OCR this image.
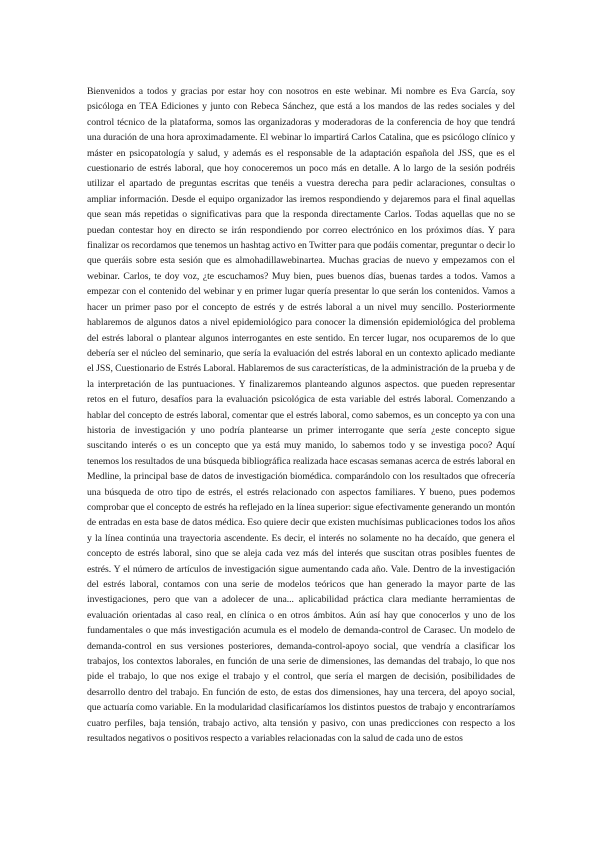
Bienvenidos a todos y gracias por estar hoy con nosotros en este webinar. Mi nombre es Eva García, soy psicóloga en TEA Ediciones y junto con Rebeca Sánchez, que está a los mandos de las redes sociales y del control técnico de la plataforma, somos las organizadoras y moderadoras de la conferencia de hoy que tendrá una duración de una hora aproximadamente. El webinar lo impartirá Carlos Catalina, que es psicólogo clínico y máster en psicopatología y salud, y además es el responsable de la adaptación española del JSS, que es el cuestionario de estrés laboral, que hoy conoceremos un poco más en detalle. A lo largo de la sesión podréis utilizar el apartado de preguntas escritas que tenéis a vuestra derecha para pedir aclaraciones, consultas o ampliar información. Desde el equipo organizador las iremos respondiendo y dejaremos para el final aquellas que sean más repetidas o significativas para que la responda directamente Carlos. Todas aquellas que no se puedan contestar hoy en directo se irán respondiendo por correo electrónico en los próximos días. Y para finalizar os recordamos que tenemos un hashtag activo en Twitter para que podáis comentar, preguntar o decir lo que queráis sobre esta sesión que es almohadillawebinartea. Muchas gracias de nuevo y empezamos con el webinar. Carlos, te doy voz, ¿te escuchamos? Muy bien, pues buenos días, buenas tardes a todos. Vamos a empezar con el contenido del webinar y en primer lugar quería presentar lo que serán los contenidos. Vamos a hacer un primer paso por el concepto de estrés y de estrés laboral a un nivel muy sencillo. Posteriormente hablaremos de algunos datos a nivel epidemiológico para conocer la dimensión epidemiológica del problema del estrés laboral o plantear algunos interrogantes en este sentido. En tercer lugar, nos ocuparemos de lo que debería ser el núcleo del seminario, que sería la evaluación del estrés laboral en un contexto aplicado mediante el JSS, Cuestionario de Estrés Laboral. Hablaremos de sus características, de la administración de la prueba y de la interpretación de las puntuaciones. Y finalizaremos planteando algunos aspectos. que pueden representar retos en el futuro, desafíos para la evaluación psicológica de esta variable del estrés laboral. Comenzando a hablar del concepto de estrés laboral, comentar que el estrés laboral, como sabemos, es un concepto ya con una historia de investigación y uno podría plantearse un primer interrogante que sería ¿este concepto sigue suscitando interés o es un concepto que ya está muy manido, lo sabemos todo y se investiga poco? Aquí tenemos los resultados de una búsqueda bibliográfica realizada hace escasas semanas acerca de estrés laboral en Medline, la principal base de datos de investigación biomédica. comparándolo con los resultados que ofrecería una búsqueda de otro tipo de estrés, el estrés relacionado con aspectos familiares. Y bueno, pues podemos comprobar que el concepto de estrés ha reflejado en la línea superior: sigue efectivamente generando un montón de entradas en esta base de datos médica. Eso quiere decir que existen muchísimas publicaciones todos los años y la línea continúa una trayectoria ascendente. Es decir, el interés no solamente no ha decaído, que genera el concepto de estrés laboral, sino que se aleja cada vez más del interés que suscitan otras posibles fuentes de estrés. Y el número de artículos de investigación sigue aumentando cada año. Vale. Dentro de la investigación del estrés laboral, contamos con una serie de modelos teóricos que han generado la mayor parte de las investigaciones, pero que van a adolecer de una... aplicabilidad práctica clara mediante herramientas de evaluación orientadas al caso real, en clínica o en otros ámbitos. Aún así hay que conocerlos y uno de los fundamentales o que más investigación acumula es el modelo de demanda-control de Carasec. Un modelo de demanda-control en sus versiones posteriores, demanda-control-apoyo social, que vendría a clasificar los trabajos, los contextos laborales, en función de una serie de dimensiones, las demandas del trabajo, lo que nos pide el trabajo, lo que nos exige el trabajo y el control, que sería el margen de decisión, posibilidades de desarrollo dentro del trabajo. En función de esto, de estas dos dimensiones, hay una tercera, del apoyo social, que actuaría como variable. En la modularidad clasificaríamos los distintos puestos de trabajo y encontraríamos cuatro perfiles, baja tensión, trabajo activo, alta tensión y pasivo, con unas predicciones con respecto a los resultados negativos o positivos respecto a variables relacionadas con la salud de cada uno de estos
